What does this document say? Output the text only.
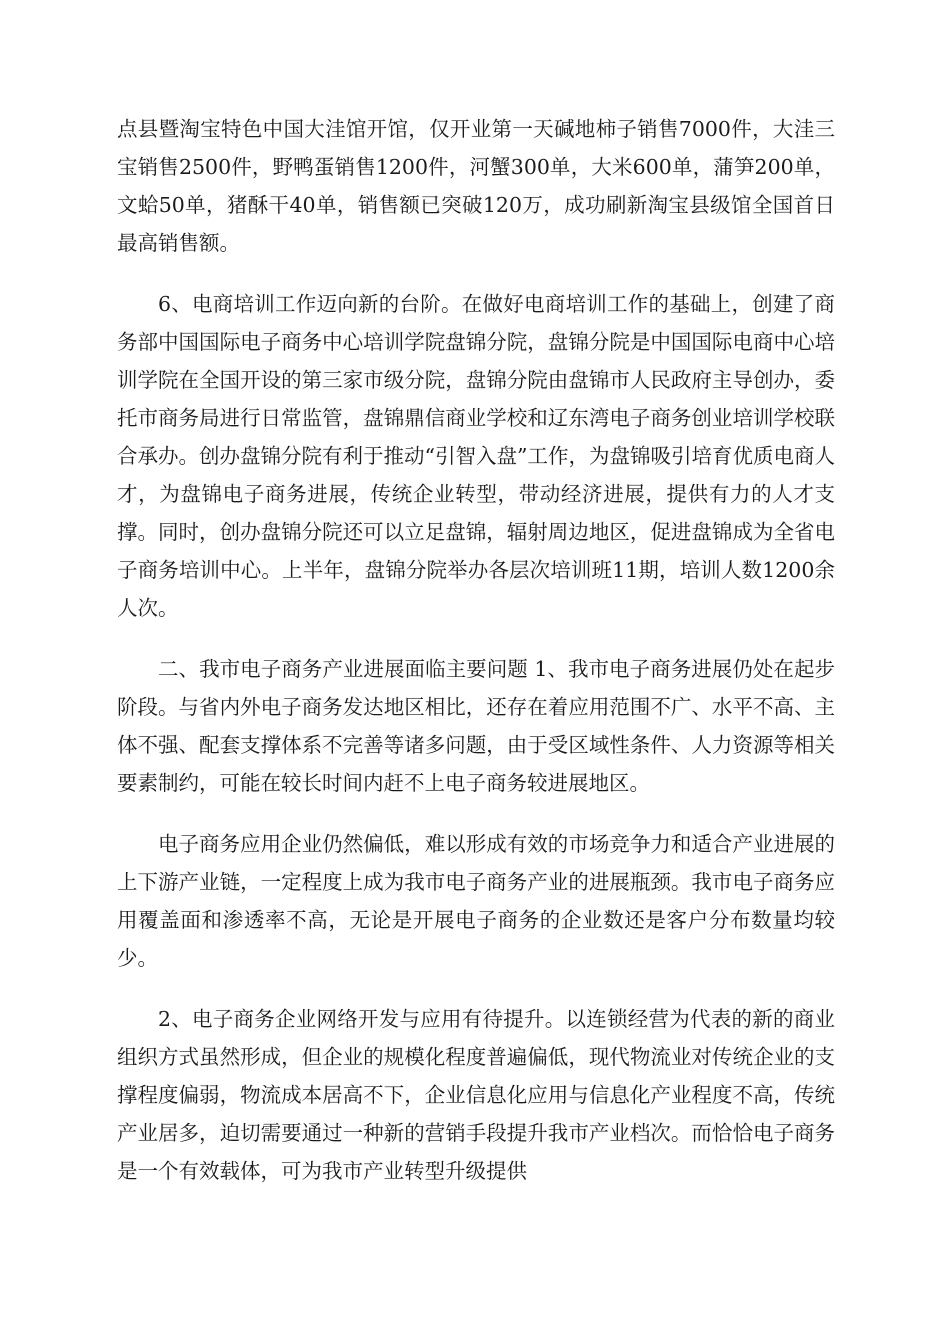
点县暨淘宝特色中国大洼馆开馆，仅开业第一天碱地柿子销售7000件，大洼三宝销售2500件，野鸭蛋销售1200件，河蟹300单，大米600单，蒲笋200单，文蛤50单，猪酥干40单，销售额已突破120万，成功刷新淘宝县级馆全国首日最高销售额。

6、电商培训工作迈向新的台阶。在做好电商培训工作的基础上，创建了商务部中国国际电子商务中心培训学院盘锦分院，盘锦分院是中国国际电商中心培训学院在全国开设的第三家市级分院，盘锦分院由盘锦市人民政府主导创办，委托市商务局进行日常监管，盘锦鼎信商业学校和辽东湾电子商务创业培训学校联合承办。创办盘锦分院有利于推动“引智入盘”工作，为盘锦吸引培育优质电商人才，为盘锦电子商务进展，传统企业转型，带动经济进展，提供有力的人才支撑。同时，创办盘锦分院还可以立足盘锦，辐射周边地区，促进盘锦成为全省电子商务培训中心。上半年，盘锦分院举办各层次培训班11期，培训人数1200余人次。

二、我市电子商务产业进展面临主要问题 1、我市电子商务进展仍处在起步阶段。与省内外电子商务发达地区相比，还存在着应用范围不广、水平不高、主体不强、配套支撑体系不完善等诸多问题，由于受区域性条件、人力资源等相关要素制约，可能在较长时间内赶不上电子商务较进展地区。

电子商务应用企业仍然偏低，难以形成有效的市场竞争力和适合产业进展的上下游产业链，一定程度上成为我市电子商务产业的进展瓶颈。我市电子商务应用覆盖面和渗透率不高，无论是开展电子商务的企业数还是客户分布数量均较少。

2、电子商务企业网络开发与应用有待提升。以连锁经营为代表的新的商业组织方式虽然形成，但企业的规模化程度普遍偏低，现代物流业对传统企业的支撑程度偏弱，物流成本居高不下，企业信息化应用与信息化产业程度不高，传统产业居多，迫切需要通过一种新的营销手段提升我市产业档次。而恰恰电子商务是一个有效载体，可为我市产业转型升级提供
